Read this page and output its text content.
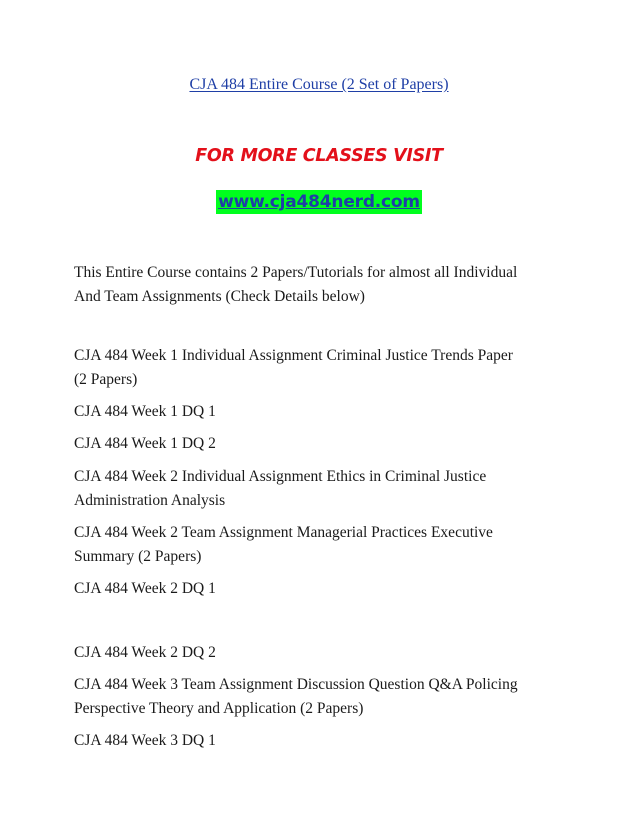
CJA 484 Entire Course (2 Set of Papers)
FOR MORE CLASSES VISIT
www.cja484nerd.com
This Entire Course contains 2 Papers/Tutorials for almost all Individual
And Team Assignments (Check Details below)
CJA 484 Week 1 Individual Assignment Criminal Justice Trends Paper
(2 Papers)
CJA 484 Week 1 DQ 1
CJA 484 Week 1 DQ 2
CJA 484 Week 2 Individual Assignment Ethics in Criminal Justice
Administration Analysis
CJA 484 Week 2 Team Assignment Managerial Practices Executive
Summary (2 Papers)
CJA 484 Week 2 DQ 1
CJA 484 Week 2 DQ 2
CJA 484 Week 3 Team Assignment Discussion Question Q&A Policing
Perspective Theory and Application (2 Papers)
CJA 484 Week 3 DQ 1
